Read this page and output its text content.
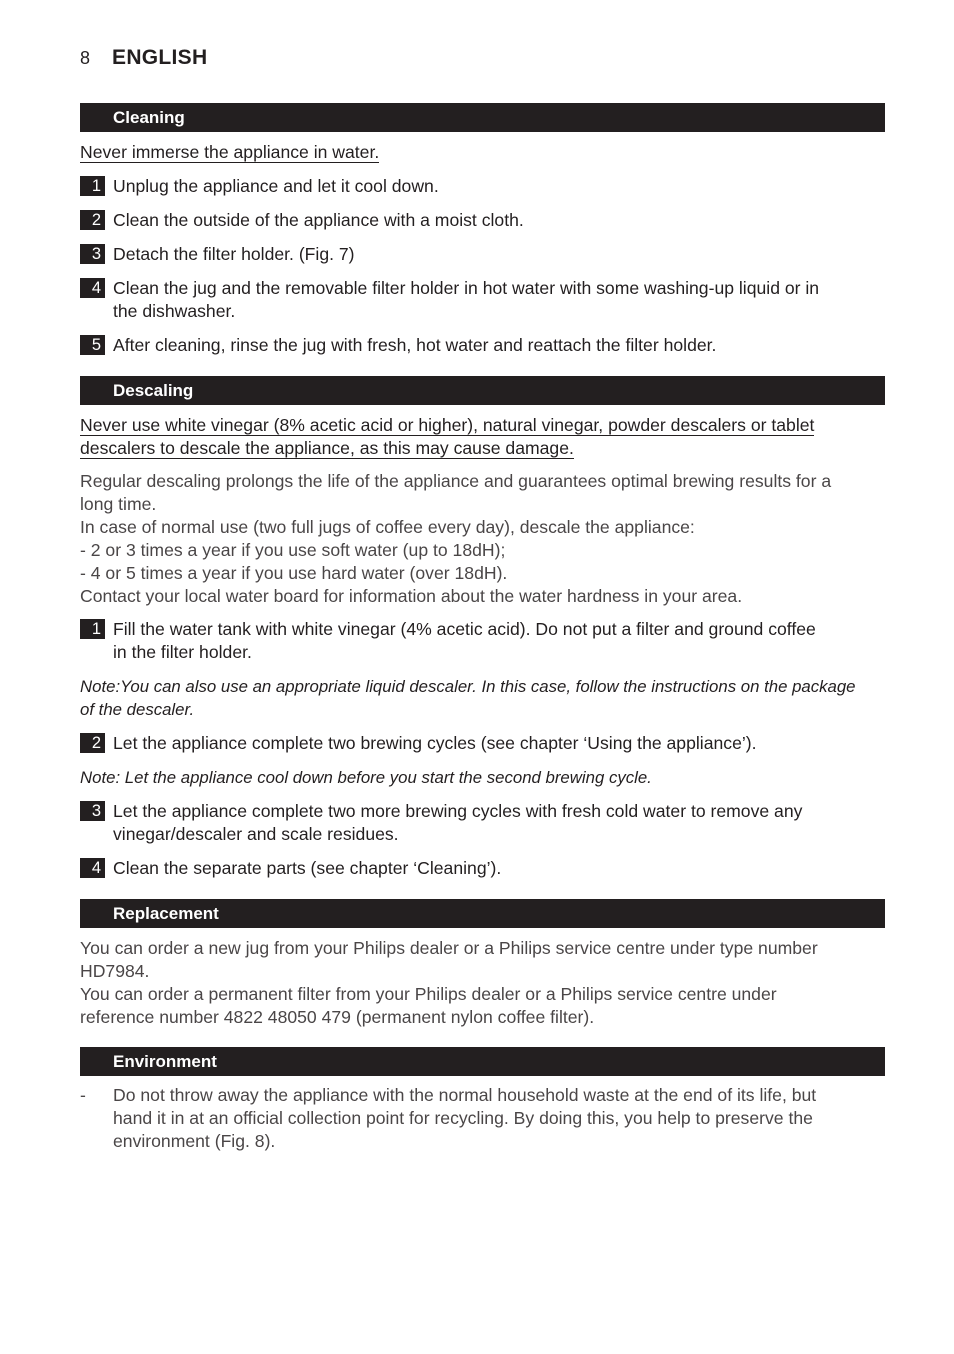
8 ENGLISH
Cleaning
Never immerse the appliance in water.
1 Unplug the appliance and let it cool down.
2 Clean the outside of the appliance with a moist cloth.
3 Detach the filter holder. (Fig. 7)
4 Clean the jug and the removable filter holder in hot water with some washing-up liquid or in
the dishwasher.
5 After cleaning, rinse the jug with fresh, hot water and reattach the filter holder.
Descaling
Never use white vinegar (8% acetic acid or higher), natural vinegar, powder descalers or tablet
descalers to descale the appliance, as this may cause damage.
Regular descaling prolongs the life of the appliance and guarantees optimal brewing results for a
long time.
In case of normal use (two full jugs of coffee every day), descale the appliance:
- 2 or 3 times a year if you use soft water (up to 18dH);
- 4 or 5 times a year if you use hard water (over 18dH).
Contact your local water board for information about the water hardness in your area.
1 Fill the water tank with white vinegar (4% acetic acid). Do not put a filter and ground coffee
in the filter holder.
Note:You can also use an appropriate liquid descaler. In this case, follow the instructions on the package
of the descaler.
2 Let the appliance complete two brewing cycles (see chapter ‘Using the appliance’).
Note: Let the appliance cool down before you start the second brewing cycle.
3 Let the appliance complete two more brewing cycles with fresh cold water to remove any
vinegar/descaler and scale residues.
4 Clean the separate parts (see chapter ‘Cleaning’).
Replacement
You can order a new jug from your Philips dealer or a Philips service centre under type number
HD7984.
You can order a permanent filter from your Philips dealer or a Philips service centre under
reference number 4822 48050 479 (permanent nylon coffee filter).
Environment
- Do not throw away the appliance with the normal household waste at the end of its life, but
hand it in at an official collection point for recycling. By doing this, you help to preserve the
environment (Fig. 8).
